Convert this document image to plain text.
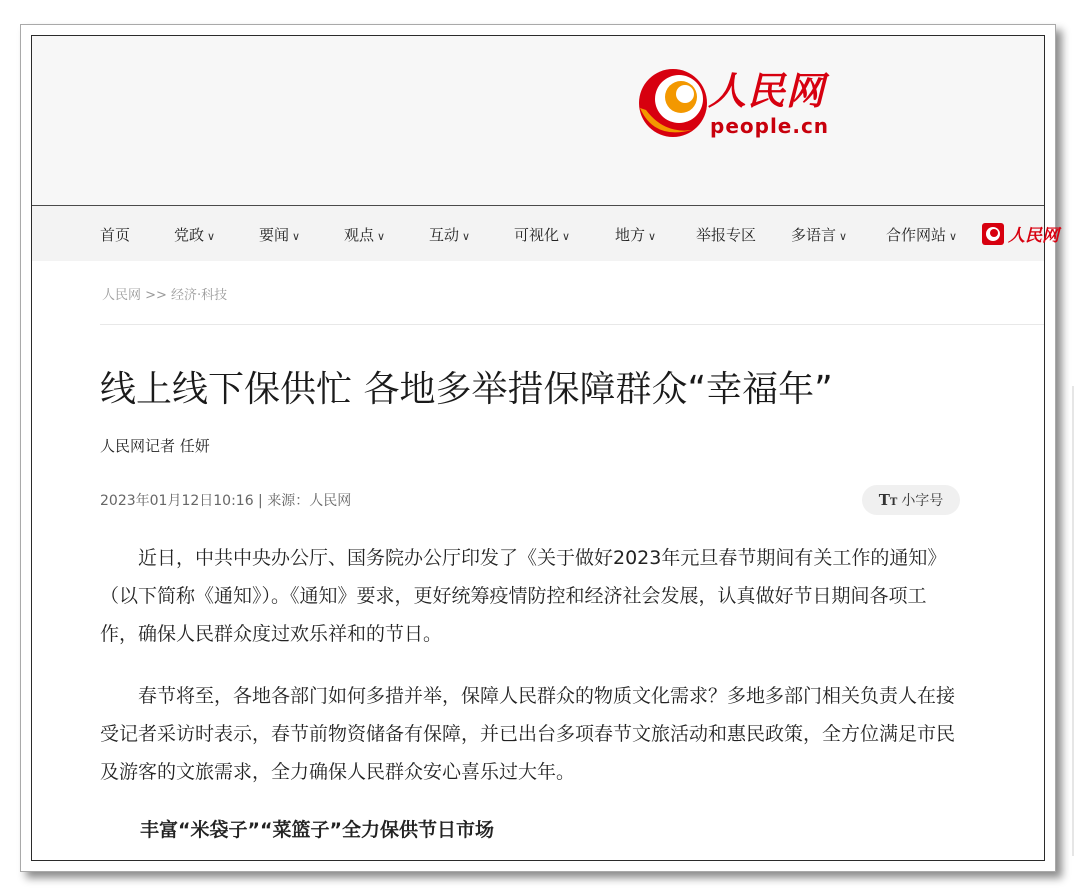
人民网
people.cn
首页	党政 ∨	要闻 ∨	观点 ∨	互动 ∨	可视化 ∨	地方 ∨	举报专区 多语言 ∨	合作网站 ∨	人民网
人民网 >> 经济·科技
线上线下保供忙 各地多举措保障群众“幸福年”
人民网记者 任妍
2023年01月12日10:16 | 来源：人民网	TT 小字号

近日，中共中央办公厅、国务院办公厅印发了《关于做好2023年元旦春节期间有关工作的通知》（以下简称《通知》）。《通知》要求，更好统筹疫情防控和经济社会发展，认真做好节日期间各项工作，确保人民群众度过欢乐祥和的节日。

春节将至，各地各部门如何多措并举，保障人民群众的物质文化需求？多地多部门相关负责人在接受记者采访时表示，春节前物资储备有保障，并已出台多项春节文旅活动和惠民政策，全方位满足市民及游客的文旅需求，全力确保人民群众安心喜乐过大年。

丰富“米袋子”“菜篮子”全力保供节日市场
